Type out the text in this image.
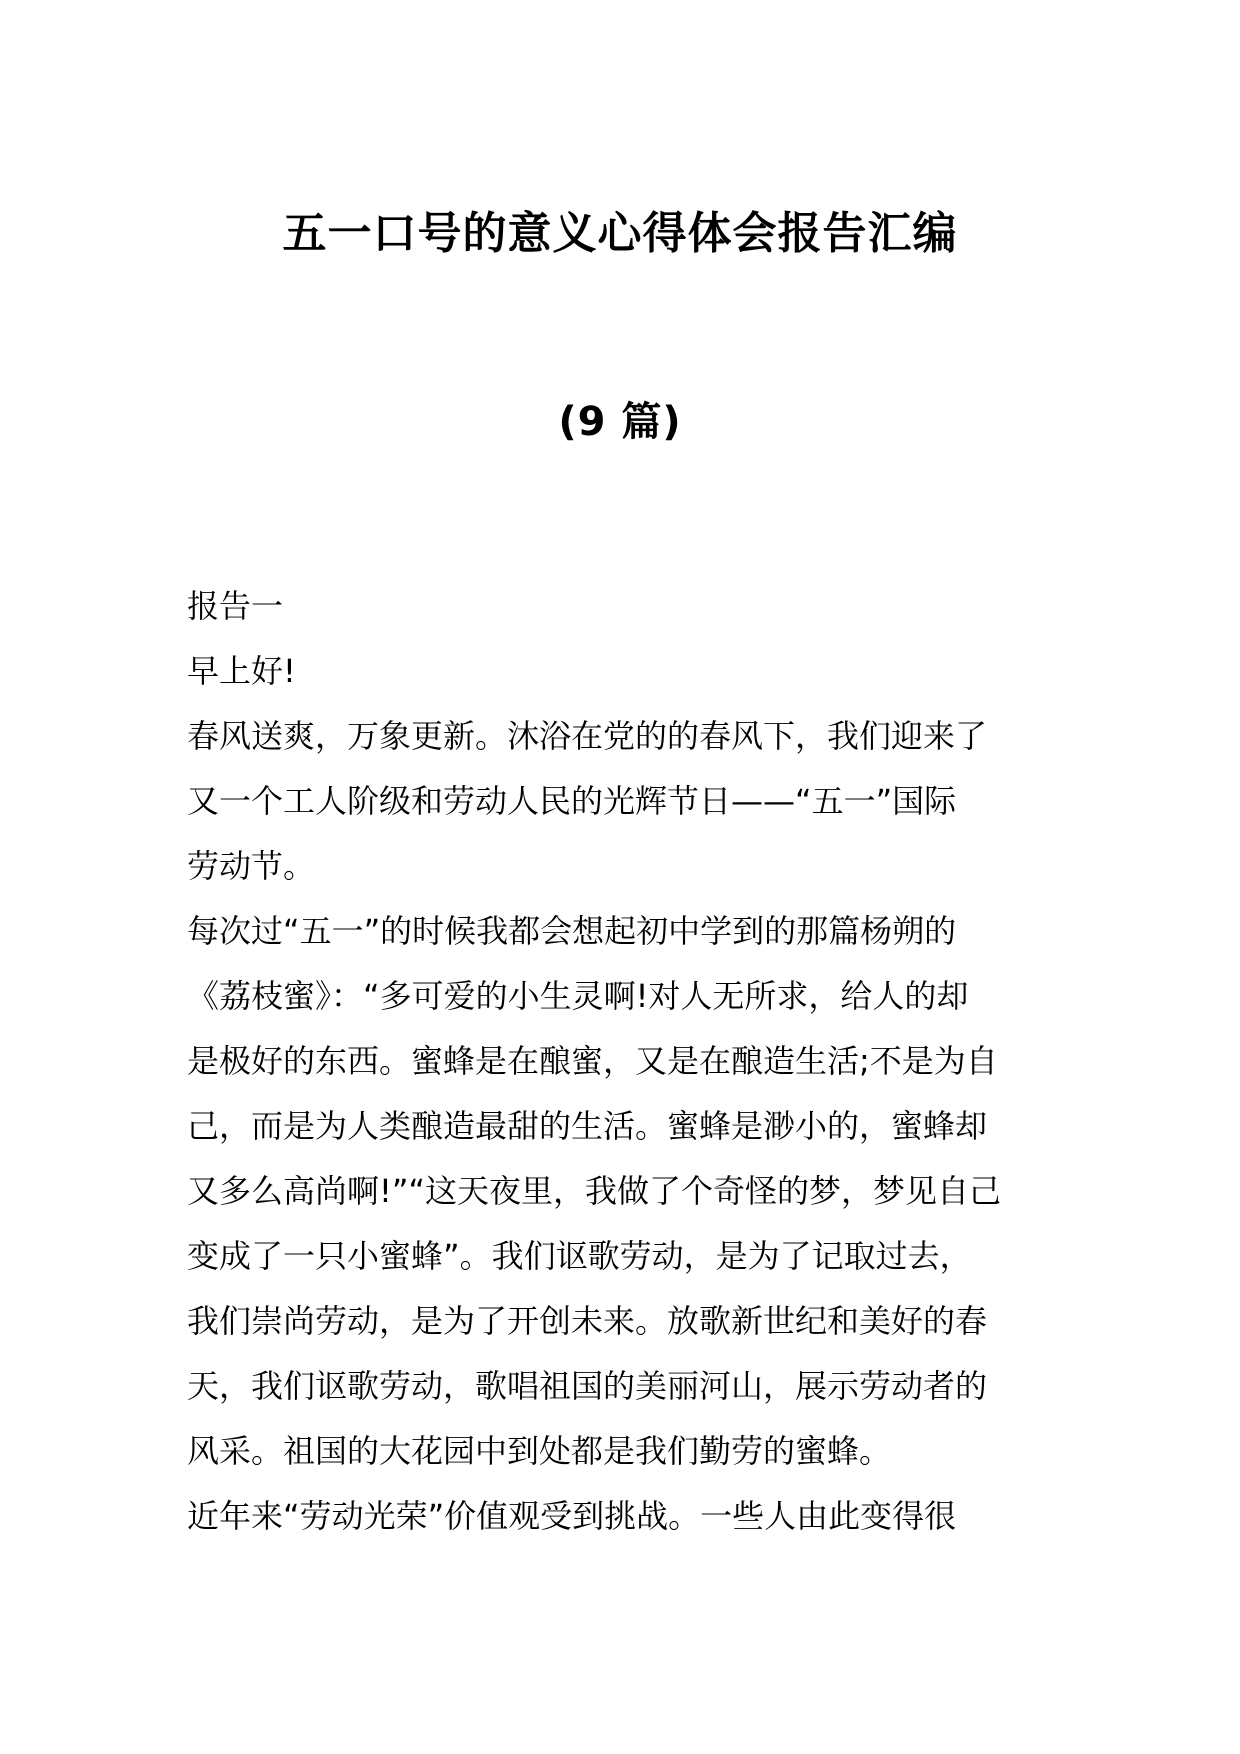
五一口号的意义心得体会报告汇编
(9 篇)
报告一
早上好!
春风送爽，万象更新。沐浴在党的的春风下，我们迎来了
又一个工人阶级和劳动人民的光辉节日——“五一”国际
劳动节。
每次过“五一”的时候我都会想起初中学到的那篇杨朔的
《荔枝蜜》：“多可爱的小生灵啊!对人无所求，给人的却
是极好的东西。蜜蜂是在酿蜜，又是在酿造生活;不是为自
己，而是为人类酿造最甜的生活。蜜蜂是渺小的，蜜蜂却
又多么高尚啊!”“这天夜里，我做了个奇怪的梦，梦见自己
变成了一只小蜜蜂”。我们讴歌劳动，是为了记取过去，
我们崇尚劳动，是为了开创未来。放歌新世纪和美好的春
天，我们讴歌劳动，歌唱祖国的美丽河山，展示劳动者的
风采。祖国的大花园中到处都是我们勤劳的蜜蜂。
近年来“劳动光荣”价值观受到挑战。一些人由此变得很
